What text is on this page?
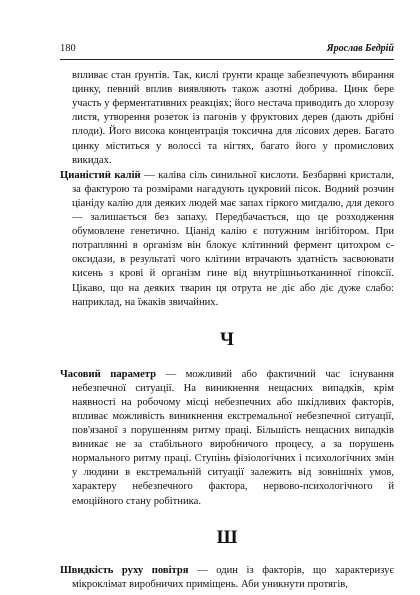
180	Ярослав Бедрій

впливає стан ґрунтів. Так, кислі ґрунти краще забезпечують вбирання цинку, певний вплив виявляють також азотні добрива. Цинк бере участь у ферментативних реакціях; його нестача приводить до хлорозу листя, утворення розеток із пагонів у фруктових дерев (дають дрібні плоди). Його висока концентрація токсична для лісових дерев. Багато цинку міститься у волоссі та нігтях, багато його у промислових викидах.

Цианістий калій — каліва сіль синильної кислоти. Безбарвні кристали, за фактурою та розмірами нагадують цукровий пісок. Водний розчин ціаніду калію для деяких людей має запах гіркого мигдалю, для декого — залишається без запаху. Передбачається, що це розходження обумовлене генетично. Ціанід калію є потужним інгібітором. При потраплянні в організм він блокує клітинний фермент цитохром с-оксидази, в результаті чого клітини втрачають здатність засвоювати кисень з крові й організм гине від внутрішньотканинної гіпоксії. Цікаво, що на деяких тварин ця отрута не діє або діє дуже слабо: наприклад, на їжаків звичайних.

Ч

Часовий параметр — можливий або фактичний час існування небезпечної ситуації. На виникнення нещасних випадків, крім наявності на робочому місці небезпечних або шкідливих факторів, впливає можливість виникнення екстремальної небезпечної ситуації, пов'язаної з порушенням ритму праці. Більшість нещасних випадків виникає не за стабільного виробничого процесу, а за порушень нормального ритму праці. Ступінь фізіологічних і психологічних змін у людини в екстремальній ситуації залежить від зовнішніх умов, характеру небезпечного фактора, нервово-психологічного й емоційного стану робітника.

Ш

Швидкість руху повітря — один із факторів, що характеризує мікроклімат виробничих приміщень. Аби уникнути протягів,
